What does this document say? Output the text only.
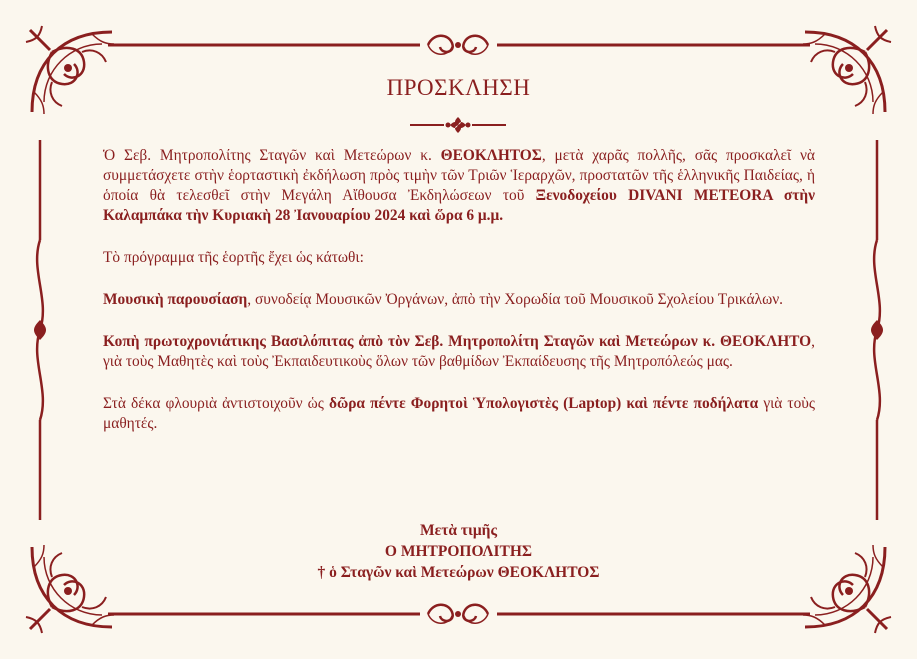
ΠΡΟΣΚΛΗΣΗ

Ὁ Σεβ. Μητροπολίτης Σταγῶν καὶ Μετεώρων κ. ΘΕΟΚΛΗΤΟΣ, μετὰ χαρᾶς πολλῆς, σᾶς προσκαλεῖ νὰ συμμετάσχετε στὴν ἑορταστικὴ ἐκδήλωση πρὸς τιμὴν τῶν Τριῶν Ἱεραρχῶν, προστατῶν τῆς ἑλληνικῆς Παιδείας, ἡ ὁποία θὰ τελεσθεῖ στὴν Μεγάλη Αἴθουσα Ἐκδηλώσεων τοῦ Ξενοδοχείου DIVANI METEORA στὴν Καλαμπάκα τὴν Κυριακὴ 28 Ἰανουαρίου 2024 καὶ ὥρα 6 μ.μ.

Τὸ πρόγραμμα τῆς ἑορτῆς ἔχει ὡς κάτωθι:

Μουσικὴ παρουσίαση, συνοδείᾳ Μουσικῶν Ὀργάνων, ἀπὸ τὴν Χορωδία τοῦ Μουσικοῦ Σχολείου Τρικάλων.

Κοπὴ πρωτοχρονιάτικης Βασιλόπιτας ἀπὸ τὸν Σεβ. Μητροπολίτη Σταγῶν καὶ Μετεώρων κ. ΘΕΟΚΛΗΤΟ, γιὰ τοὺς Μαθητὲς καὶ τοὺς Ἐκπαιδευτικοὺς ὅλων τῶν βαθμίδων Ἐκπαίδευσης τῆς Μητροπόλεώς μας.

Στὰ δέκα φλουριὰ ἀντιστοιχοῦν ὡς δῶρα πέντε Φορητοὶ Ὑπολογιστὲς (Laptop) καὶ πέντε ποδήλατα γιὰ τοὺς μαθητές.

Μετὰ τιμῆς
Ο ΜΗΤΡΟΠΟΛΙΤΗΣ
† ὁ Σταγῶν καὶ Μετεώρων ΘΕΟΚΛΗΤΟΣ
